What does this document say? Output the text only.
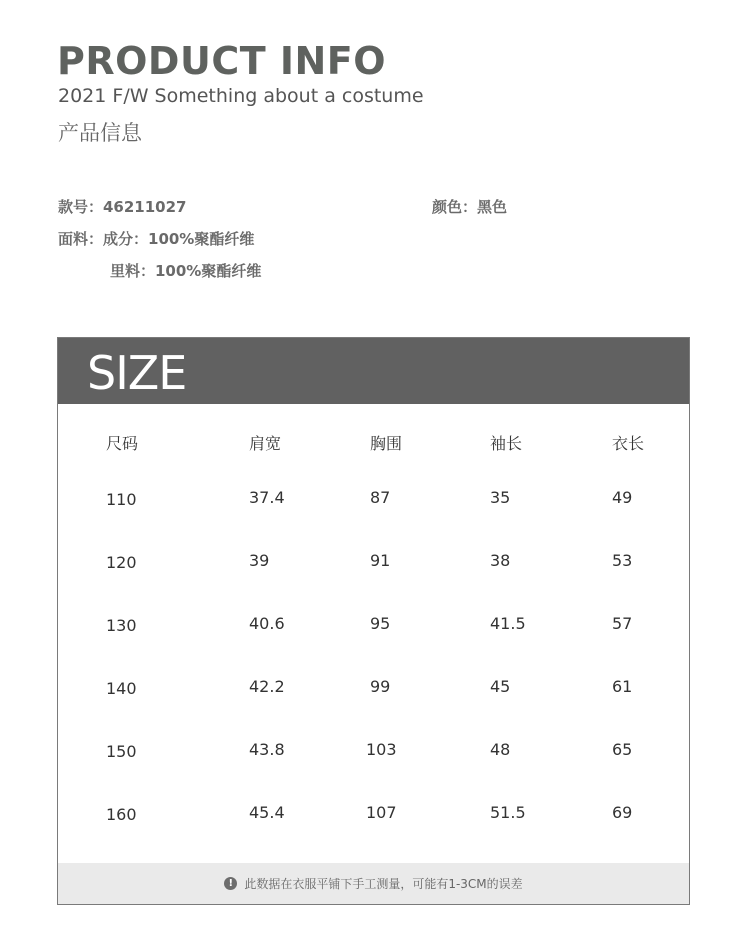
PRODUCT INFO
2021 F/W Something about a costume
产品信息
款号：46211027	颜色：黑色
面料：成分：100%聚酯纤维
里料：100%聚酯纤维
SIZE
尺码	肩宽	胸围	袖长	衣长
110	37.4	87	35	49
120	39	91	38	53
130	40.6	95	41.5	57
140	42.2	99	45	61
150	43.8	103	48	65
160	45.4	107	51.5	69
! 此数据在衣服平铺下手工测量，可能有1-3CM的误差
